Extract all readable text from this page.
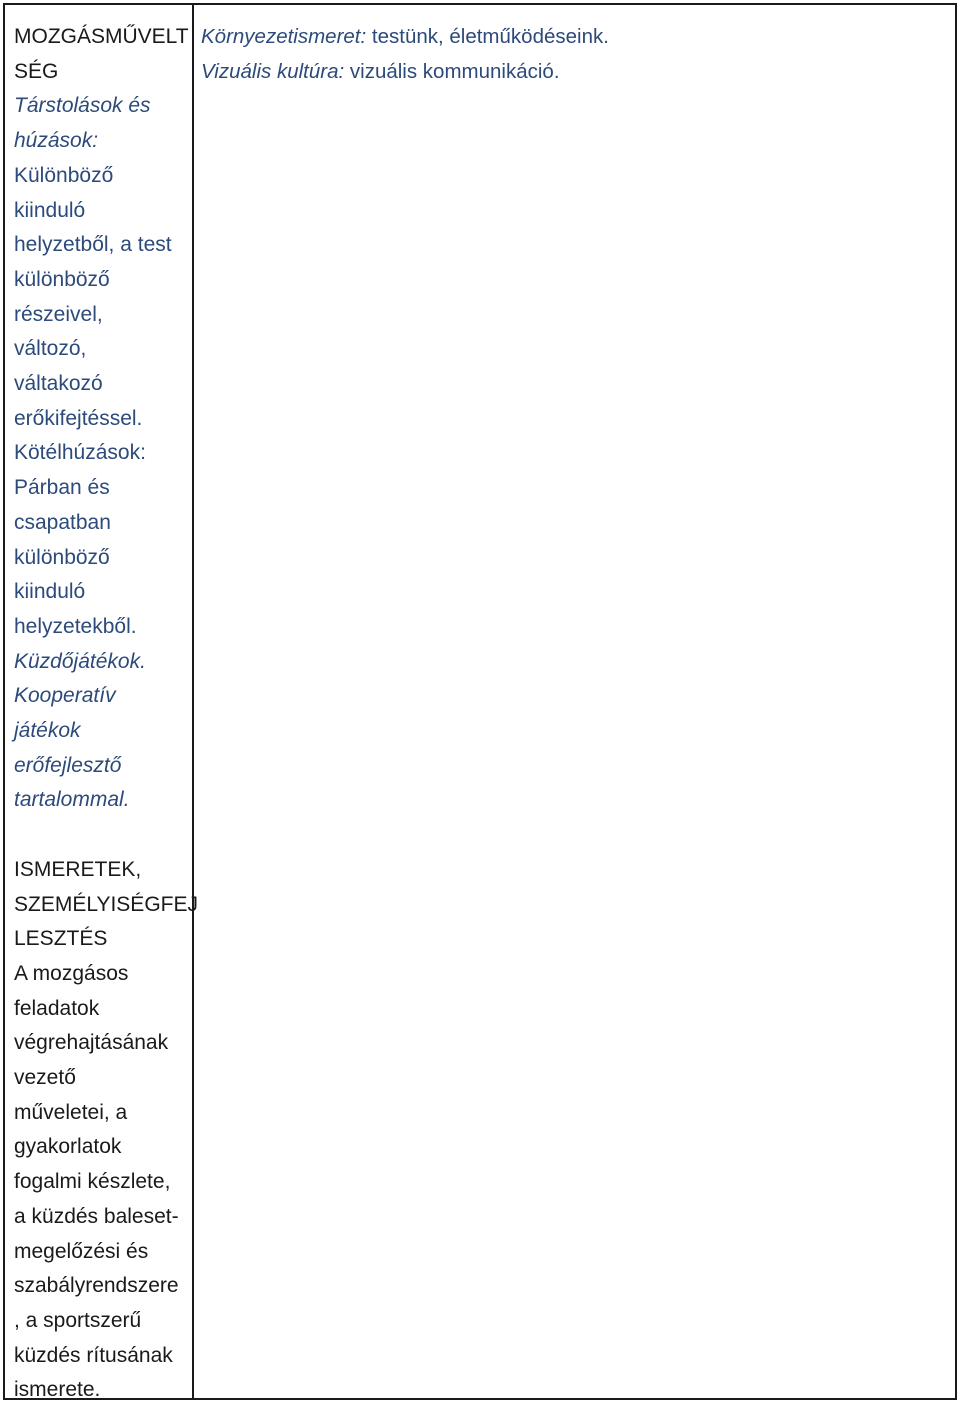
MOZGÁSMŰVELT
SÉG
Társtolások és
húzások:
Különböző
kiinduló
helyzetből, a test
különböző
részeivel,
változó,
váltakozó
erőkifejtéssel.
Kötélhúzások:
Párban és
csapatban
különböző
kiinduló
helyzetekből.
Küzdőjátékok.
Kooperatív
játékok
erőfejlesztő
tartalommal.
ISMERETEK,
SZEMÉLYISÉGFEJ
LESZTÉS
A mozgásos
feladatok
végrehajtásának
vezető
műveletei, a
gyakorlatok
fogalmi készlete,
a küzdés baleset-
megelőzési és
szabályrendszere
, a sportszerű
küzdés rítusának
ismerete.
Környezetismeret: testünk, életműködéseink.
Vizuális kultúra: vizuális kommunikáció.
